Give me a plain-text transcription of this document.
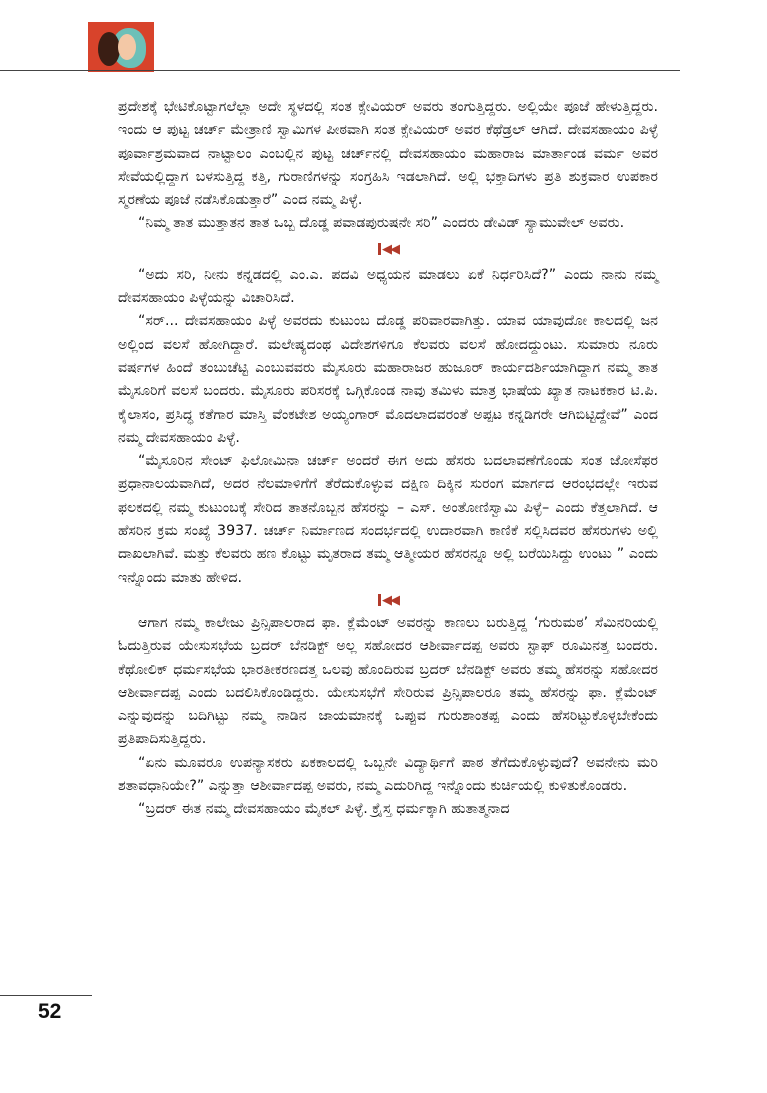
ಪ್ರದೇಶಕ್ಕೆ ಭೇಟಿಕೊಟ್ಟಾಗಲೆಲ್ಲಾ ಅದೇ ಸ್ಥಳದಲ್ಲಿ ಸಂತ ಕ್ಸೇವಿಯರ್ ಅವರು ತಂಗುತ್ತಿದ್ದರು. ಅಲ್ಲಿಯೇ ಪೂಜೆ ಹೇಳುತ್ತಿದ್ದರು. ಇಂದು ಆ ಪುಟ್ಟ ಚರ್ಚ್ ಮೇತ್ರಾಣಿ ಸ್ವಾಮಿಗಳ ಪೀಠವಾಗಿ ಸಂತ ಕ್ಸೇವಿಯರ್ ಅವರ ಕೆಥೆಡ್ರಲ್ ಆಗಿದೆ. ದೇವಸಹಾಯಂ ಪಿಳ್ಳೆ ಪೂರ್ವಾಶ್ರಮವಾದ ನಾಟ್ಟಾಲಂ ಎಂಬಲ್ಲಿನ ಪುಟ್ಟ ಚರ್ಚ್‌ನಲ್ಲಿ ದೇವಸಹಾಯಂ ಮಹಾರಾಜ ಮಾರ್ತಾಂಡ ವರ್ಮ ಅವರ ಸೇವೆಯಲ್ಲಿದ್ದಾಗ ಬಳಸುತ್ತಿದ್ದ ಕತ್ತಿ, ಗುರಾಣಿಗಳನ್ನು ಸಂಗ್ರಹಿಸಿ ಇಡಲಾಗಿದೆ. ಅಲ್ಲಿ ಭಕ್ತಾದಿಗಳು ಪ್ರತಿ ಶುಕ್ರವಾರ ಉಪಕಾರ ಸ್ಮರಣೆಯ ಪೂಜೆ ನಡೆಸಿಕೊಡುತ್ತಾರೆ” ಎಂದ ನಮ್ಮ ಪಿಳ್ಳೆ.

“ನಿಮ್ಮ ತಾತ ಮುತ್ತಾತನ ತಾತ ಒಬ್ಬ ದೊಡ್ಡ ಪವಾಡಪುರುಷನೇ ಸರಿ” ಎಂದರು ಡೇವಿಡ್ ಸ್ಯಾಮುವೇಲ್ ಅವರು.

◀◀

“ಅದು ಸರಿ, ನೀನು ಕನ್ನಡದಲ್ಲಿ ಎಂ.ಎ. ಪದವಿ ಅಧ್ಯಯನ ಮಾಡಲು ಏಕೆ ನಿರ್ಧರಿಸಿದೆ?” ಎಂದು ನಾನು ನಮ್ಮ ದೇವಸಹಾಯಂ ಪಿಳ್ಳೆಯನ್ನು ವಿಚಾರಿಸಿದೆ.

“ಸರ್... ದೇವಸಹಾಯಂ ಪಿಳ್ಳೆ ಅವರದು ಕುಟುಂಬ ದೊಡ್ಡ ಪರಿವಾರವಾಗಿತ್ತು. ಯಾವ ಯಾವುದೋ ಕಾಲದಲ್ಲಿ ಜನ ಅಲ್ಲಿಂದ ವಲಸೆ ಹೋಗಿದ್ದಾರೆ. ಮಲೇಷ್ಯದಂಥ ವಿದೇಶಗಳಿಗೂ ಕೆಲವರು ವಲಸೆ ಹೋದದ್ದುಂಟು. ಸುಮಾರು ನೂರು ವರ್ಷಗಳ ಹಿಂದೆ ತಂಬುಚೆಟ್ಟಿ ಎಂಬುವವರು ಮೈಸೂರು ಮಹಾರಾಜರ ಹುಜೂರ್ ಕಾರ್ಯದರ್ಶಿಯಾಗಿದ್ದಾಗ ನಮ್ಮ ತಾತ ಮೈಸೂರಿಗೆ ವಲಸೆ ಬಂದರು. ಮೈಸೂರು ಪರಿಸರಕ್ಕೆ ಒಗ್ಗಿಕೊಂಡ ನಾವು ತಮಿಳು ಮಾತ್ರ ಭಾಷೆಯ ಖ್ಯಾತ ನಾಟಕಕಾರ ಟಿ.ಪಿ. ಕೈಲಾಸಂ, ಪ್ರಸಿದ್ಧ ಕತೆಗಾರ ಮಾಸ್ತಿ ವೆಂಕಟೇಶ ಅಯ್ಯಂಗಾರ್ ಮೊದಲಾದವರಂತೆ ಅಪ್ಪಟ ಕನ್ನಡಿಗರೇ ಆಗಿಬಿಟ್ಟಿದ್ದೇವೆ” ಎಂದ ನಮ್ಮ ದೇವಸಹಾಯಂ ಪಿಳ್ಳೆ.

“ಮೈಸೂರಿನ ಸೇಂಟ್ ಫಿಲೋಮಿನಾ ಚರ್ಚ್ ಅಂದರೆ ಈಗ ಅದು ಹೆಸರು ಬದಲಾವಣೆಗೊಂಡು ಸಂತ ಜೋಸೆಫರ ಪ್ರಧಾನಾಲಯವಾಗಿದೆ, ಅದರ ನೆಲಮಾಳಿಗೆಗೆ ತೆರೆದುಕೊಳ್ಳುವ ದಕ್ಷಿಣ ದಿಕ್ಕಿನ ಸುರಂಗ ಮಾರ್ಗದ ಆರಂಭದಲ್ಲೇ ಇರುವ ಫಲಕದಲ್ಲಿ ನಮ್ಮ ಕುಟುಂಬಕ್ಕೆ ಸೇರಿದ ತಾತನೊಬ್ಬನ ಹೆಸರನ್ನು – ಎಸ್. ಅಂತೋಣಿಸ್ವಾಮಿ ಪಿಳ್ಳೆ– ಎಂದು ಕೆತ್ತಲಾಗಿದೆ. ಆ ಹೆಸರಿನ ಕ್ರಮ ಸಂಖ್ಯೆ 3937. ಚರ್ಚ್ ನಿರ್ಮಾಣದ ಸಂದರ್ಭದಲ್ಲಿ ಉದಾರವಾಗಿ ಕಾಣಿಕೆ ಸಲ್ಲಿಸಿದವರ ಹೆಸರುಗಳು ಅಲ್ಲಿ ದಾಖಲಾಗಿವೆ. ಮತ್ತು ಕೆಲವರು ಹಣ ಕೊಟ್ಟು ಮೃತರಾದ ತಮ್ಮ ಆತ್ಮೀಯರ ಹೆಸರನ್ನೂ ಅಲ್ಲಿ ಬರೆಯಿಸಿದ್ದು ಉಂಟು ” ಎಂದು ಇನ್ನೊಂದು ಮಾತು ಹೇಳಿದ.

◀◀

ಆಗಾಗ ನಮ್ಮ ಕಾಲೇಜು ಪ್ರಿನ್ಸಿಪಾಲರಾದ ಫಾ. ಕ್ಲೆಮೆಂಟ್ ಅವರನ್ನು ಕಾಣಲು ಬರುತ್ತಿದ್ದ ‘ಗುರುಮಠ’ ಸೆಮಿನರಿಯಲ್ಲಿ ಓದುತ್ತಿರುವ ಯೇಸುಸಭೆಯ ಬ್ರದರ್ ಬೆನಡಿಕ್ಟ್ ಅಲ್ಲ ಸಹೋದರ ಆಶೀರ್ವಾದಪ್ಪ ಅವರು ಸ್ಟಾಫ್ ರೂಮಿನತ್ತ ಬಂದರು. ಕೆಥೋಲಿಕ್ ಧರ್ಮಸಭೆಯ ಭಾರತೀಕರಣದತ್ತ ಒಲವು ಹೊಂದಿರುವ ಬ್ರದರ್ ಬೆನಡಿಕ್ಟ್ ಅವರು ತಮ್ಮ ಹೆಸರನ್ನು ಸಹೋದರ ಆಶೀರ್ವಾದಪ್ಪ ಎಂದು ಬದಲಿಸಿಕೊಂಡಿದ್ದರು. ಯೇಸುಸಭೆಗೆ ಸೇರಿರುವ ಪ್ರಿನ್ಸಿಪಾಲರೂ ತಮ್ಮ ಹೆಸರನ್ನು ಫಾ. ಕ್ಲೆಮೆಂಟ್ ಎನ್ನುವುದನ್ನು ಬದಿಗಿಟ್ಟು ನಮ್ಮ ನಾಡಿನ ಜಾಯಮಾನಕ್ಕೆ ಒಪ್ಪುವ ಗುರುಶಾಂತಪ್ಪ ಎಂದು ಹೆಸರಿಟ್ಟುಕೊಳ್ಳಬೇಕೆಂದು ಪ್ರತಿಪಾದಿಸುತ್ತಿದ್ದರು.

“ಏನು ಮೂವರೂ ಉಪನ್ಯಾಸಕರು ಏಕಕಾಲದಲ್ಲಿ ಒಬ್ಬನೇ ವಿದ್ಯಾರ್ಥಿಗೆ ಪಾಠ ತೆಗೆದುಕೊಳ್ಳುವುದೆ? ಅವನೇನು ಮರಿ ಶತಾವಧಾನಿಯೇ?” ಎನ್ನುತ್ತಾ ಆಶೀರ್ವಾದಪ್ಪ ಅವರು, ನಮ್ಮ ಎದುರಿಗಿದ್ದ ಇನ್ನೊಂದು ಕುರ್ಚಿಯಲ್ಲಿ ಕುಳಿತುಕೊಂಡರು.

“ಬ್ರದರ್ ಈತ ನಮ್ಮ ದೇವಸಹಾಯಂ ಮೈಕಲ್ ಪಿಳ್ಳೆ. ಕ್ರೈಸ್ತ ಧರ್ಮಕ್ಕಾಗಿ ಹುತಾತ್ಮನಾದ

52
